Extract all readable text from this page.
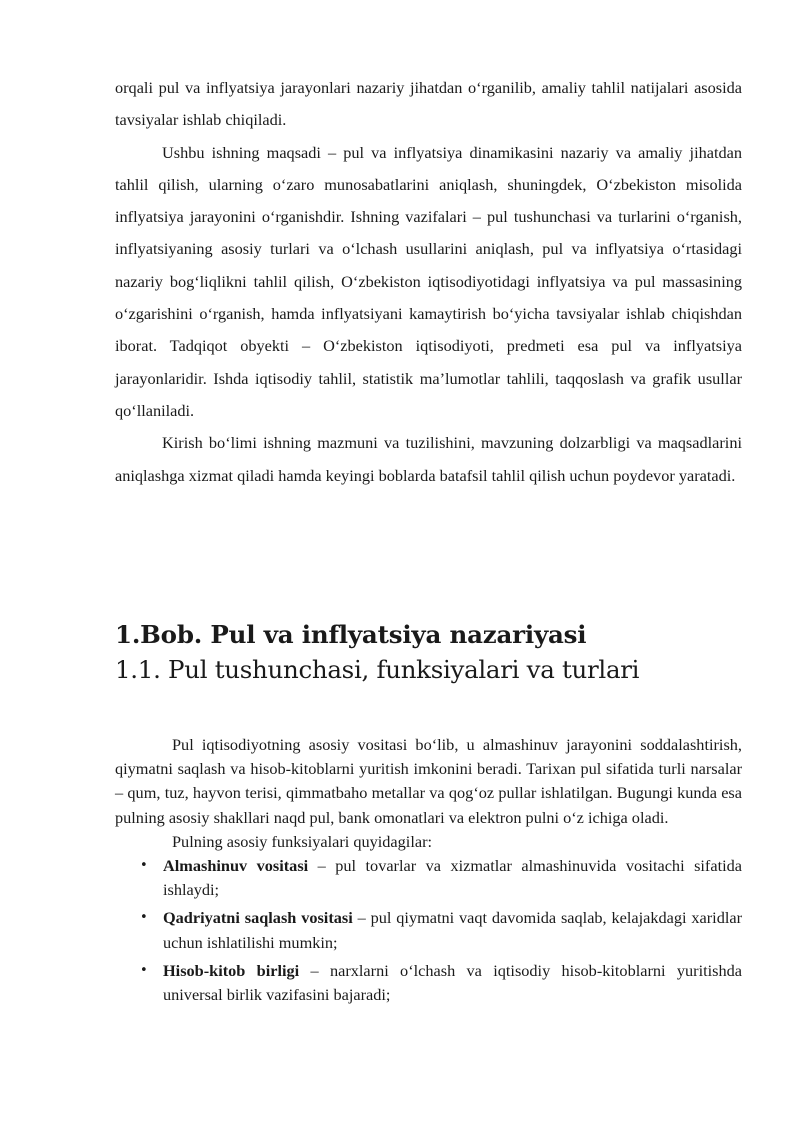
orqali pul va inflyatsiya jarayonlari nazariy jihatdan o‘rganilib, amaliy tahlil natijalari asosida tavsiyalar ishlab chiqiladi.

Ushbu ishning maqsadi – pul va inflyatsiya dinamikasini nazariy va amaliy jihatdan tahlil qilish, ularning o‘zaro munosabatlarini aniqlash, shuningdek, O‘zbekiston misolida inflyatsiya jarayonini o‘rganishdir. Ishning vazifalari – pul tushunchasi va turlarini o‘rganish, inflyatsiyaning asosiy turlari va o‘lchash usullarini aniqlash, pul va inflyatsiya o‘rtasidagi nazariy bog‘liqlikni tahlil qilish, O‘zbekiston iqtisodiyotidagi inflyatsiya va pul massasining o‘zgarishini o‘rganish, hamda inflyatsiyani kamaytirish bo‘yicha tavsiyalar ishlab chiqishdan iborat. Tadqiqot obyekti – O‘zbekiston iqtisodiyoti, predmeti esa pul va inflyatsiya jarayonlaridir. Ishda iqtisodiy tahlil, statistik ma’lumotlar tahlili, taqqoslash va grafik usullar qo‘llaniladi.

Kirish bo‘limi ishning mazmuni va tuzilishini, mavzuning dolzarbligi va maqsadlarini aniqlashga xizmat qiladi hamda keyingi boblarda batafsil tahlil qilish uchun poydevor yaratadi.

1.Bob. Pul va inflyatsiya nazariyasi
1.1. Pul tushunchasi, funksiyalari va turlari

Pul iqtisodiyotning asosiy vositasi bo‘lib, u almashinuv jarayonini soddalashtirish, qiymatni saqlash va hisob-kitoblarni yuritish imkonini beradi. Tarixan pul sifatida turli narsalar – qum, tuz, hayvon terisi, qimmatbaho metallar va qog‘oz pullar ishlatilgan. Bugungi kunda esa pulning asosiy shakllari naqd pul, bank omonatlari va elektron pulni o‘z ichiga oladi.

Pulning asosiy funksiyalari quyidagilar:

• Almashinuv vositasi – pul tovarlar va xizmatlar almashinuvida vositachi sifatida ishlaydi;
• Qadriyatni saqlash vositasi – pul qiymatni vaqt davomida saqlab, kelajakdagi xaridlar uchun ishlatilishi mumkin;
• Hisob-kitob birligi – narxlarni o‘lchash va iqtisodiy hisob-kitoblarni yuritishda universal birlik vazifasini bajaradi;
